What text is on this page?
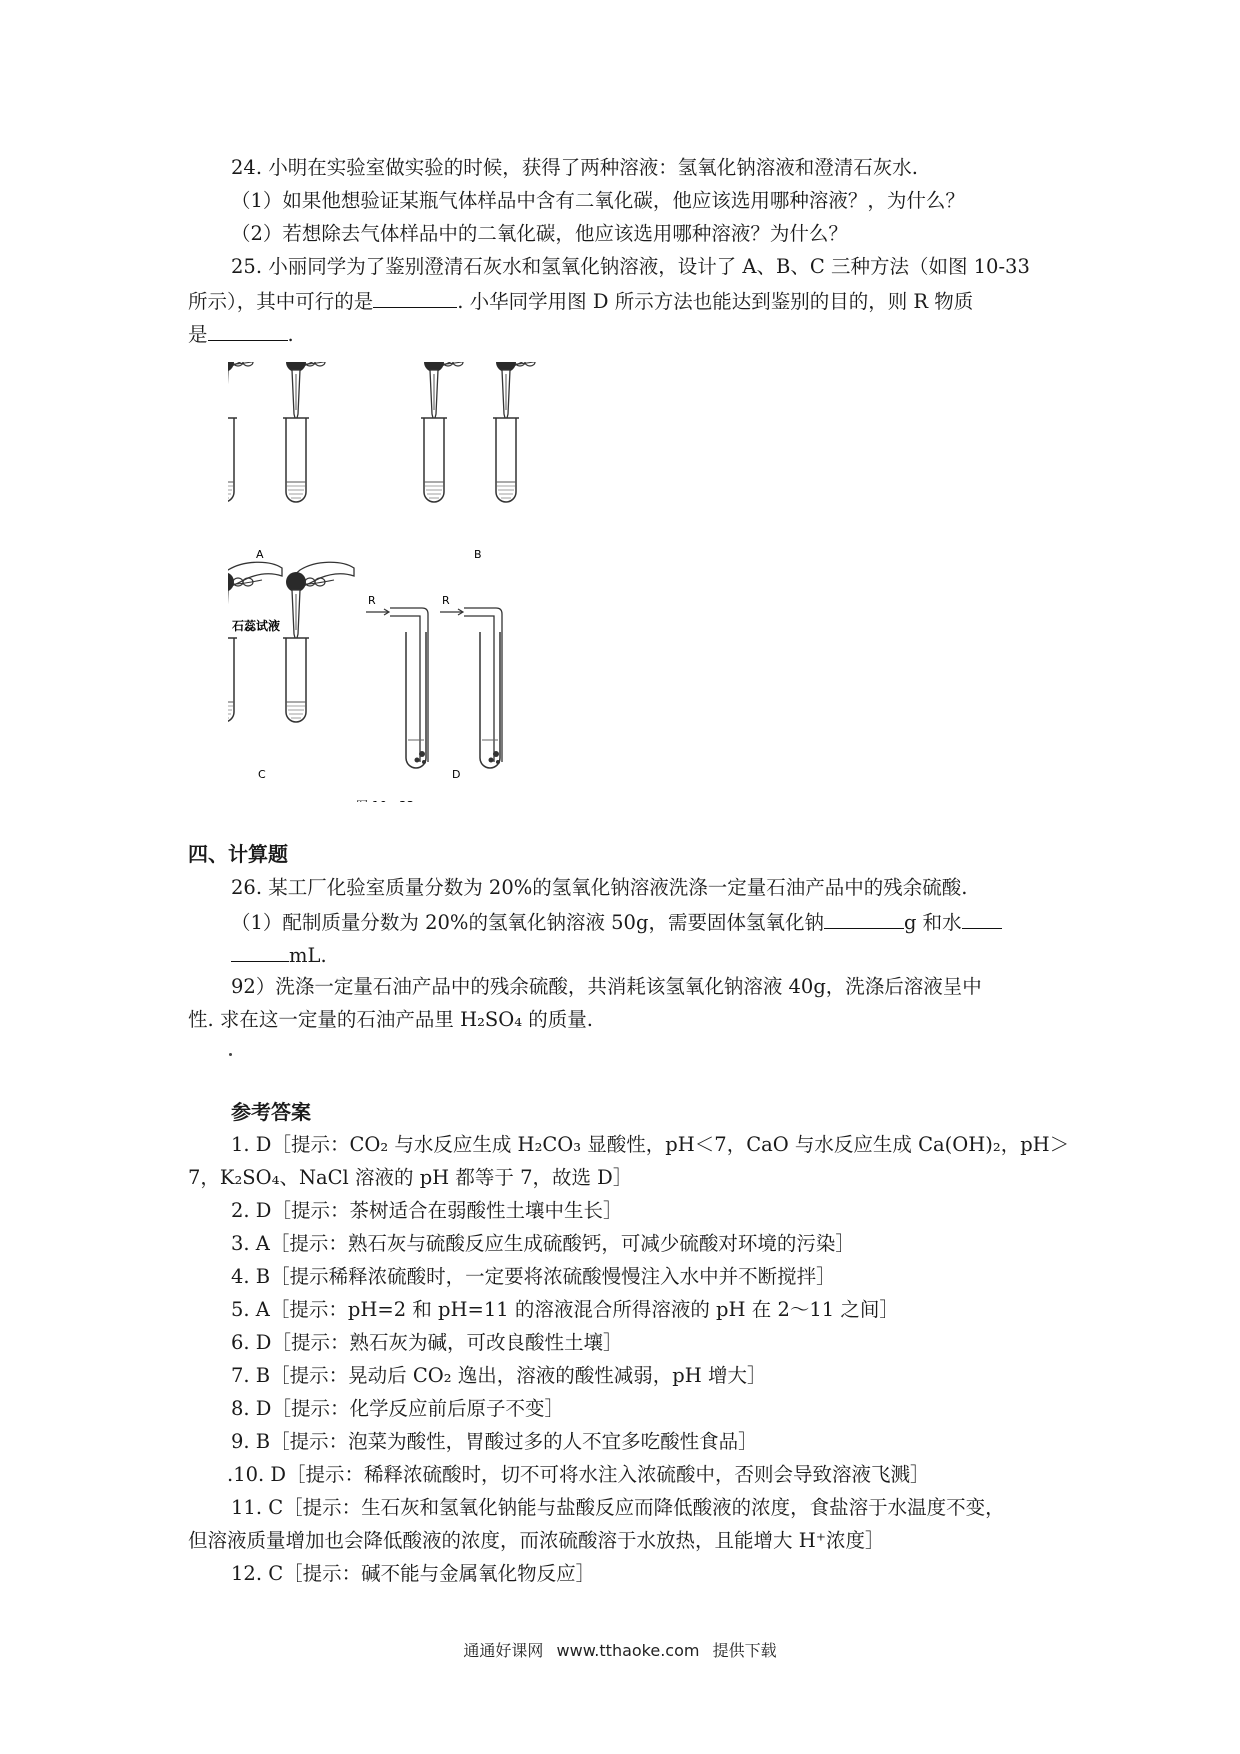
24. 小明在实验室做实验的时候，获得了两种溶液：氢氧化钠溶液和澄清石灰水.
（1）如果他想验证某瓶气体样品中含有二氧化碳，他应该选用哪种溶液？，为什么？
（2）若想除去气体样品中的二氧化碳，他应该选用哪种溶液？为什么？
25. 小丽同学为了鉴别澄清石灰水和氢氧化钠溶液，设计了 A、B、C 三种方法（如图 10-33
所示），其中可行的是	. 小华同学用图 D 所示方法也能达到鉴别的目的，则 R 物质
是	.
A	B
石蕊试液
C
R	R
D
四、计算题
26. 某工厂化验室质量分数为 20%的氢氧化钠溶液洗涤一定量石油产品中的残余硫酸.
（1）配制质量分数为 20%的氢氧化钠溶液 50g，需要固体氢氧化钠	g 和水
mL.
92）洗涤一定量石油产品中的残余硫酸，共消耗该氢氧化钠溶液 40g，洗涤后溶液呈中
性. 求在这一定量的石油产品里 H₂SO₄ 的质量.
参考答案
1. D［提示：CO₂ 与水反应生成 H₂CO₃ 显酸性，pH＜7，CaO 与水反应生成 Ca(OH)₂，pH＞
7，K₂SO₄、NaCl 溶液的 pH 都等于 7，故选 D］
2. D［提示：茶树适合在弱酸性土壤中生长］
3. A［提示：熟石灰与硫酸反应生成硫酸钙，可减少硫酸对环境的污染］
4. B［提示稀释浓硫酸时，一定要将浓硫酸慢慢注入水中并不断搅拌］
5. A［提示：pH=2 和 pH=11 的溶液混合所得溶液的 pH 在 2～11 之间］
6. D［提示：熟石灰为碱，可改良酸性土壤］
7. B［提示：晃动后 CO₂ 逸出，溶液的酸性减弱，pH 增大］
8. D［提示：化学反应前后原子不变］
9. B［提示：泡菜为酸性，胃酸过多的人不宜多吃酸性食品］
.10. D［提示：稀释浓硫酸时，切不可将水注入浓硫酸中，否则会导致溶液飞溅］
11. C［提示：生石灰和氢氧化钠能与盐酸反应而降低酸液的浓度，食盐溶于水温度不变，
但溶液质量增加也会降低酸液的浓度，而浓硫酸溶于水放热，且能增大 H⁺浓度］
12. C［提示：碱不能与金属氧化物反应］
通通好课网 www.tthaoke.com 提供下载
